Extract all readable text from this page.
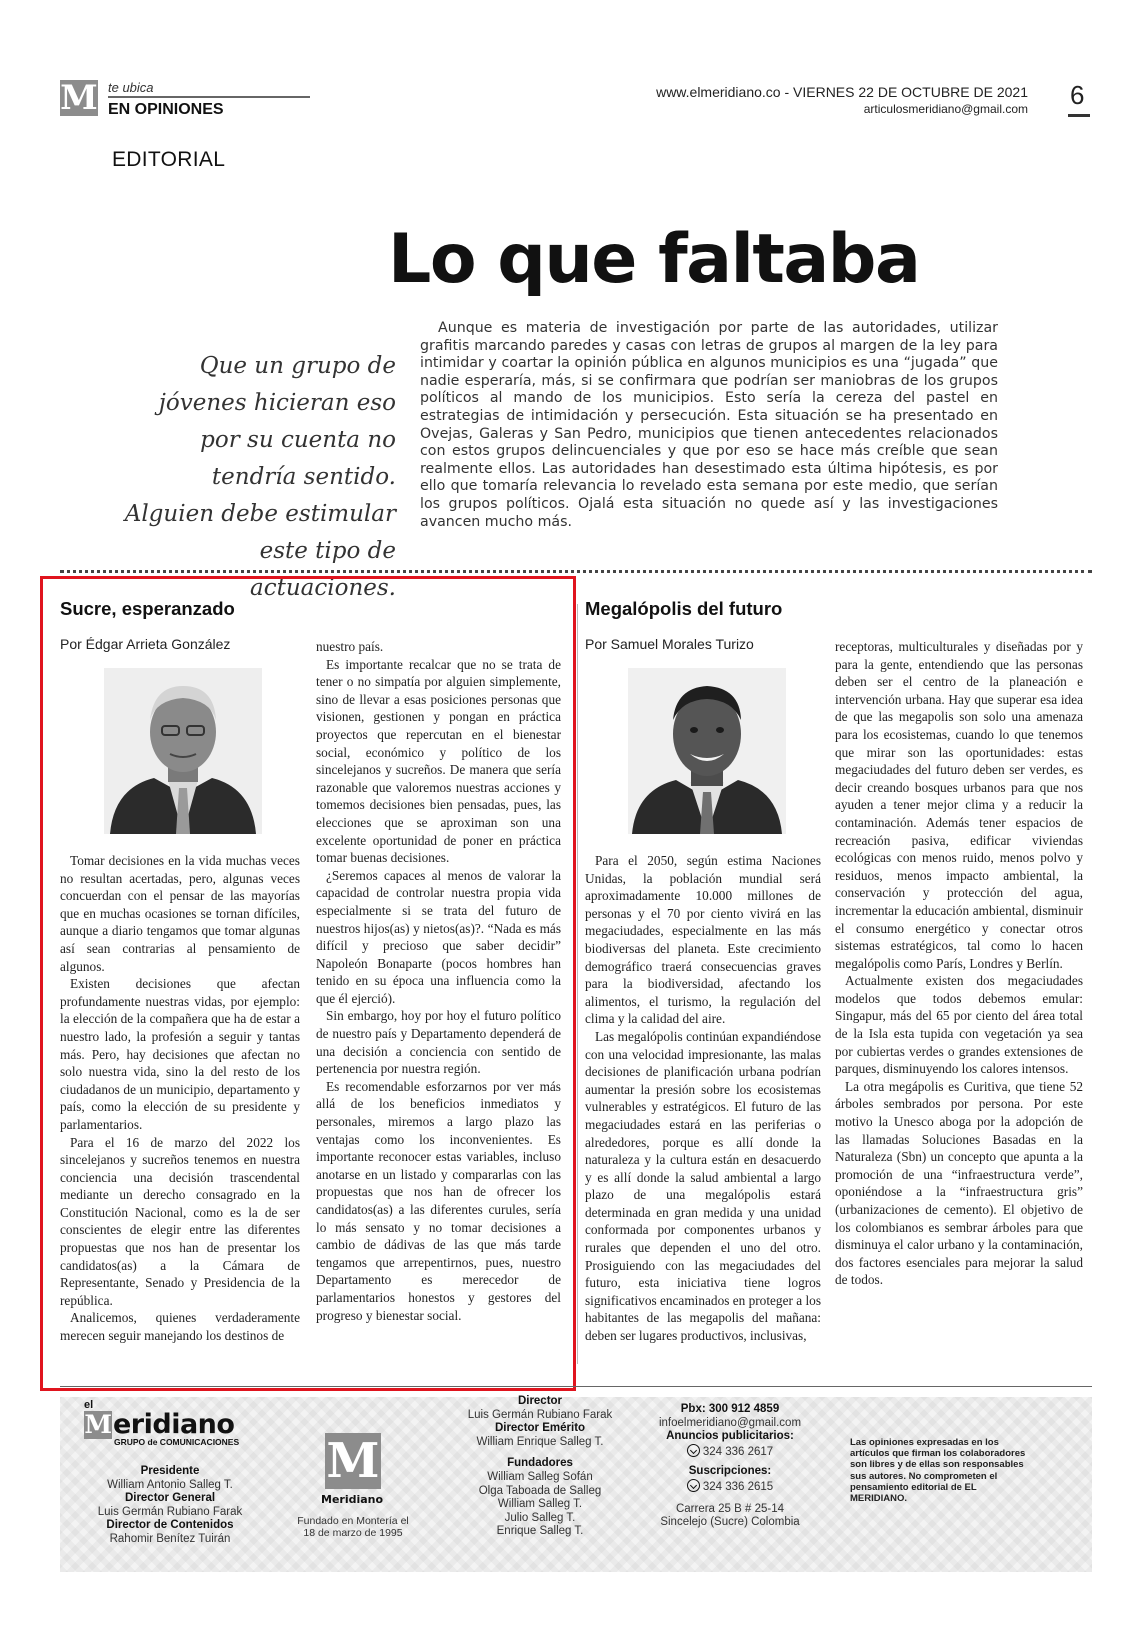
M te ubica
EN OPINIONES
www.elmeridiano.co - VIERNES 22 DE OCTUBRE DE 2021
articulosmeridiano@gmail.com 6
EDITORIAL
Lo que faltaba
Que un grupo de jóvenes hicieran eso por su cuenta no tendría sentido. Alguien debe estimular este tipo de actuaciones.
Aunque es materia de investigación por parte de las autoridades, utilizar grafitis marcando paredes y casas con letras de grupos al margen de la ley para intimidar y coartar la opinión pública en algunos municipios es una “jugada” que nadie esperaría, más, si se confirmara que podrían ser maniobras de los grupos políticos al mando de los municipios. Esto sería la cereza del pastel en estrategias de intimidación y persecución. Esta situación se ha presentado en Ovejas, Galeras y San Pedro, municipios que tienen antecedentes relacionados con estos grupos delincuenciales y que por eso se hace más creíble que sean realmente ellos. Las autoridades han desestimado esta última hipótesis, es por ello que tomaría relevancia lo revelado esta semana por este medio, que serían los grupos políticos. Ojalá esta situación no quede así y las investigaciones avancen mucho más.
Sucre, esperanzado
Por Édgar Arrieta González

Tomar decisiones en la vida muchas veces no resultan acertadas, pero, algunas veces concuerdan con el pensar de las mayorías que en muchas ocasiones se tornan difíciles, aunque a diario tengamos que tomar algunas así sean contrarias al pensamiento de algunos.

Existen decisiones que afectan profundamente nuestras vidas, por ejemplo: la elección de la compañera que ha de estar a nuestro lado, la profesión a seguir y tantas más. Pero, hay decisiones que afectan no solo nuestra vida, sino la del resto de los ciudadanos de un municipio, departamento y país, como la elección de su presidente y parlamentarios.

Para el 16 de marzo del 2022 los sincelejanos y sucreños tenemos en nuestra conciencia una decisión trascendental mediante un derecho consagrado en la Constitución Nacional, como es la de ser conscientes de elegir entre las diferentes propuestas que nos han de presentar los candidatos(as) a la Cámara de Representante, Senado y Presidencia de la república.

Analicemos, quienes verdaderamente merecen seguir manejando los destinos de

nuestro país.

Es importante recalcar que no se trata de tener o no simpatía por alguien simplemente, sino de llevar a esas posiciones personas que visionen, gestionen y pongan en práctica proyectos que repercutan en el bienestar social, económico y político de los sincelejanos y sucreños. De manera que sería razonable que valoremos nuestras acciones y tomemos decisiones bien pensadas, pues, las elecciones que se aproximan son una excelente oportunidad de poner en práctica tomar buenas decisiones.

¿Seremos capaces al menos de valorar la capacidad de controlar nuestra propia vida especialmente si se trata del futuro de nuestros hijos(as) y nietos(as)?. “Nada es más difícil y precioso que saber decidir” Napoleón Bonaparte (pocos hombres han tenido en su época una influencia como la que él ejerció).

Sin embargo, hoy por hoy el futuro político de nuestro país y Departamento dependerá de una decisión a conciencia con sentido de pertenencia por nuestra región.

Es recomendable esforzarnos por ver más allá de los beneficios inmediatos y personales, miremos a largo plazo las ventajas como los inconvenientes. Es importante reconocer estas variables, incluso anotarse en un listado y compararlas con las propuestas que nos han de ofrecer los candidatos(as) a las diferentes curules, sería lo más sensato y no tomar decisiones a cambio de dádivas de las que más tarde tengamos que arrepentirnos, pues, nuestro Departamento es merecedor de parlamentarios honestos y gestores del progreso y bienestar social.

Megalópolis del futuro
Por Samuel Morales Turizo

Para el 2050, según estima Naciones Unidas, la población mundial será aproximadamente 10.000 millones de personas y el 70 por ciento vivirá en las megaciudades, especialmente en las más biodiversas del planeta. Este crecimiento demográfico traerá consecuencias graves para la biodiversidad, afectando los alimentos, el turismo, la regulación del clima y la calidad del aire.

Las megalópolis continúan expandiéndose con una velocidad impresionante, las malas decisiones de planificación urbana podrían aumentar la presión sobre los ecosistemas vulnerables y estratégicos. El futuro de las megaciudades estará en las periferias o alrededores, porque es allí donde la naturaleza y la cultura están en desacuerdo y es allí donde la salud ambiental a largo plazo de una megalópolis estará determinada en gran medida y una unidad conformada por componentes urbanos y rurales que dependen el uno del otro. Prosiguiendo con las megaciudades del futuro, esta iniciativa tiene logros significativos encaminados en proteger a los habitantes de las megapolis del mañana: deben ser lugares productivos, inclusivas,

receptoras, multiculturales y diseñadas por y para la gente, entendiendo que las personas deben ser el centro de la planeación e intervención urbana. Hay que superar esa idea de que las megapolis son solo una amenaza para los ecosistemas, cuando lo que tenemos que mirar son las oportunidades: estas megaciudades del futuro deben ser verdes, es decir creando bosques urbanos para que nos ayuden a tener mejor clima y a reducir la contaminación. Además tener espacios de recreación pasiva, edificar viviendas ecológicas con menos ruido, menos polvo y residuos, menos impacto ambiental, la conservación y protección del agua, incrementar la educación ambiental, disminuir el consumo energético y conectar otros sistemas estratégicos, tal como lo hacen megalópolis como París, Londres y Berlín.

Actualmente existen dos megaciudades modelos que todos debemos emular: Singapur, más del 65 por ciento del área total de la Isla esta tupida con vegetación ya sea por cubiertas verdes o grandes extensiones de parques, disminuyendo los calores intensos.

La otra megápolis es Curitiva, que tiene 52 árboles sembrados por persona. Por este motivo la Unesco aboga por la adopción de las llamadas Soluciones Basadas en la Naturaleza (Sbn) un concepto que apunta a la promoción de una “infraestructura verde”, oponiéndose a la “infraestructura gris” (urbanizaciones de cemento). El objetivo de los colombianos es sembrar árboles para que disminuya el calor urbano y la contaminación, dos factores esenciales para mejorar la salud de todos.

el
M eridiano
GRUPO de COMUNICACIONES
Presidente
William Antonio Salleg T.
Director General
Luis Germán Rubiano Farak
Director de Contenidos
Rahomir Benítez Tuirán
M
Meridiano
Fundado en Montería el 18 de marzo de 1995
Director
Luis Germán Rubiano Farak
Director Emérito
William Enrique Salleg T.
Fundadores
William Salleg Sofán
Olga Taboada de Salleg
William Salleg T.
Julio Salleg T.
Enrique Salleg T.
Pbx: 300 912 4859
infoelmeridiano@gmail.com
Anuncios publicitarios:
324 336 2617
Suscripciones:
324 336 2615
Carrera 25 B # 25-14
Sincelejo (Sucre) Colombia
Las opiniones expresadas en los artículos que firman los colaboradores son libres y de ellas son responsables sus autores. No comprometen el pensamiento editorial de EL MERIDIANO.
